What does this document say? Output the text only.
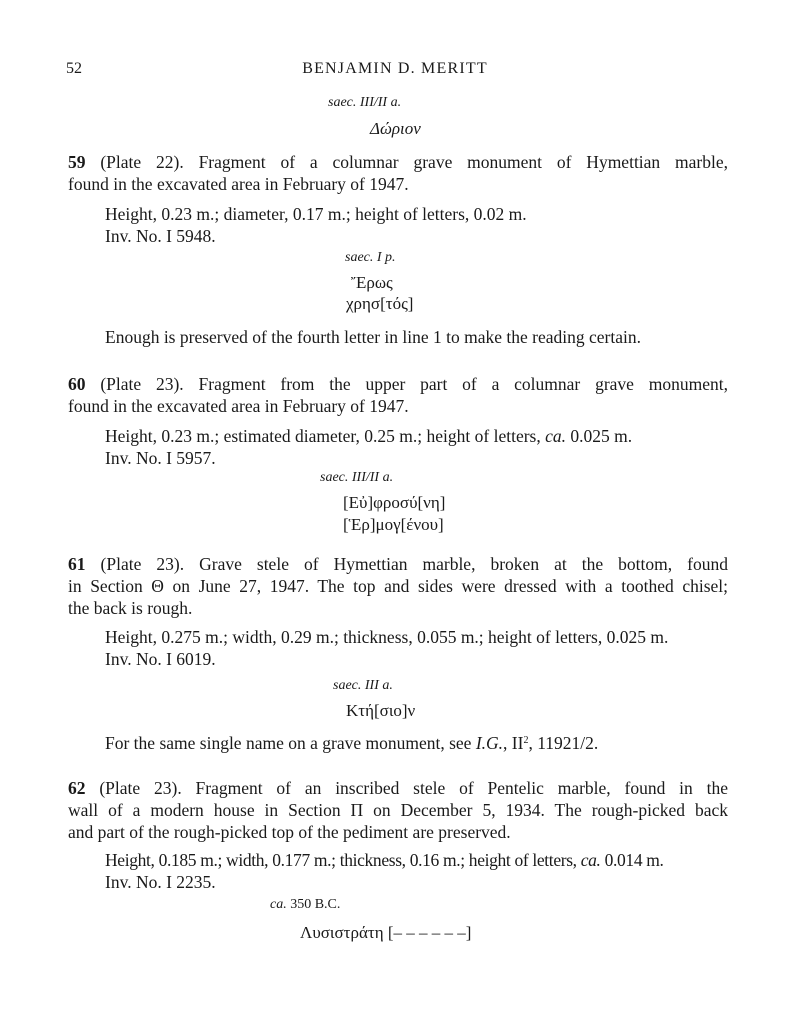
52	BENJAMIN D. MERITT
saec. III/II a.
Δώριον
59 (Plate 22). Fragment of a columnar grave monument of Hymettian marble,
found in the excavated area in February of 1947.
Height, 0.23 m.; diameter, 0.17 m.; height of letters, 0.02 m.
Inv. No. I 5948.
saec. I p.
Ἔρως
χρησ[τός]
Enough is preserved of the fourth letter in line 1 to make the reading certain.
60 (Plate 23). Fragment from the upper part of a columnar grave monument,
found in the excavated area in February of 1947.
Height, 0.23 m.; estimated diameter, 0.25 m.; height of letters, ca. 0.025 m.
Inv. No. I 5957.
saec. III/II a.
[Εὐ]φροσύ[νη]
[Ἑρ]μογ[ένου]
61 (Plate 23). Grave stele of Hymettian marble, broken at the bottom, found
in Section Θ on June 27, 1947. The top and sides were dressed with a toothed chisel;
the back is rough.
Height, 0.275 m.; width, 0.29 m.; thickness, 0.055 m.; height of letters, 0.025 m.
Inv. No. I 6019.
saec. III a.
Κτή[σιο]ν
For the same single name on a grave monument, see I.G., $II^2$, 11921/2.
62 (Plate 23). Fragment of an inscribed stele of Pentelic marble, found in the
wall of a modern house in Section Π on December 5, 1934. The rough-picked back
and part of the rough-picked top of the pediment are preserved.
Height, 0.185 m.; width, 0.177 m.; thickness, 0.16 m.; height of letters, ca. 0.014 m.
Inv. No. I 2235.
ca. 350 B.C.
Λυσιστράτη [– – – – – –]
